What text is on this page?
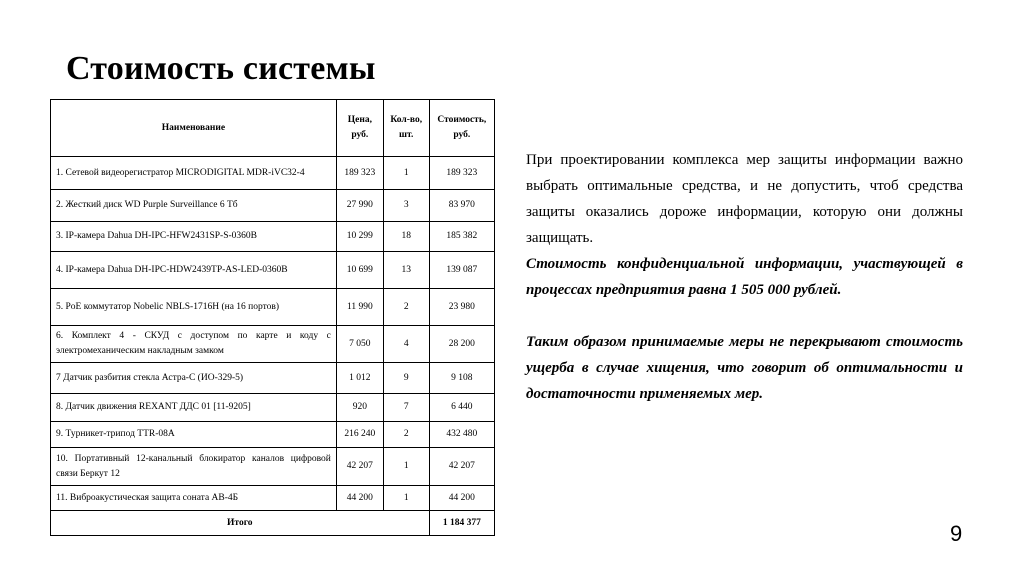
Стоимость системы
Наименование	Цена, руб.	Кол-во, шт.	Стоимость, руб.
1. Сетевой видеорегистратор MICRODIGITAL MDR-iVC32-4	189 323	1	189 323
2. Жесткий диск WD Purple Surveillance 6 Тб	27 990	3	83 970
3. IP-камера Dahua DH-IPC-HFW2431SP-S-0360B	10 299	18	185 382
4. IP-камера Dahua DH-IPC-HDW2439TP-AS-LED-0360B	10 699	13	139 087
5. PoE коммутатор Nobelic NBLS-1716H (на 16 портов)	11 990	2	23 980
6. Комплект 4 - СКУД с доступом по карте и коду с электромеханическим накладным замком	7 050	4	28 200
7 Датчик разбития стекла Астра-С (ИО-329-5)	1 012	9	9 108
8. Датчик движения REXANT ДДС 01 [11-9205]	920	7	6 440
9. Турникет-трипод TTR-08А	216 240	2	432 480
10. Портативный 12-канальный блокиратор каналов цифровой связи Беркут 12	42 207	1	42 207
11. Виброакустическая защита соната АВ-4Б	44 200	1	44 200
Итого			1 184 377

При проектировании комплекса мер защиты информации важно выбрать оптимальные средства, и не допустить, чтоб средства защиты оказались дороже информации, которую они должны защищать.

Стоимость конфиденциальной информации, участвующей в процессах предприятия равна 1 505 000 рублей.

Таким образом принимаемые меры не перекрывают стоимость ущерба в случае хищения, что говорит об оптимальности и достаточности применяемых мер.

9
